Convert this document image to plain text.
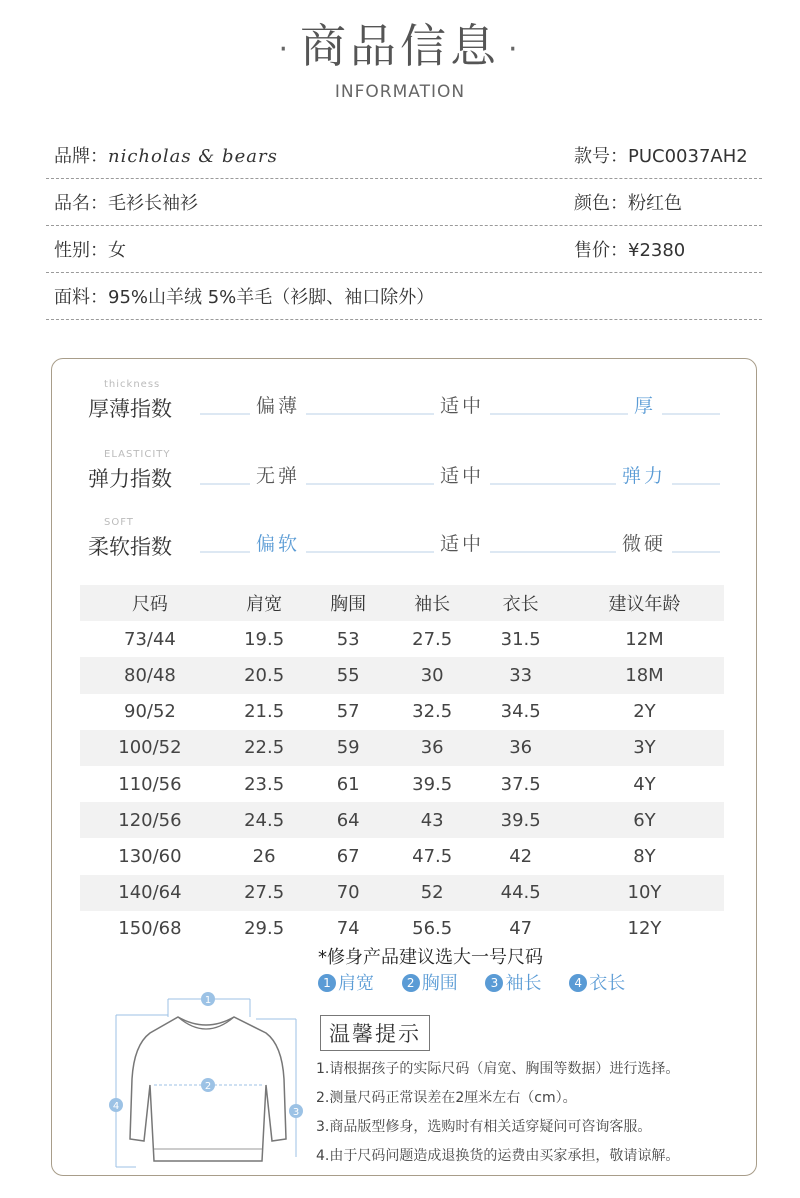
· 商品信息 ·
INFORMATION
品牌：nicholas & bears	款号：PUC0037AH2
品名：毛衫长袖衫	颜色：粉红色
性别：女	售价：¥2380
面料：95%山羊绒 5%羊毛（衫脚、袖口除外）
thickness
厚薄指数	偏薄	适中	厚
ELASTICITY
弹力指数	无弹	适中	弹力
SOFT
柔软指数	偏软	适中	微硬
尺码	肩宽	胸围	袖长	衣长	建议年龄
73/44	19.5	53	27.5	31.5	12M
80/48	20.5	55	30	33	18M
90/52	21.5	57	32.5	34.5	2Y
100/52	22.5	59	36	36	3Y
110/56	23.5	61	39.5	37.5	4Y
120/56	24.5	64	43	39.5	6Y
130/60	26	67	47.5	42	8Y
140/64	27.5	70	52	44.5	10Y
150/68	29.5	74	56.5	47	12Y
*修身产品建议选大一号尺码
1 肩宽	2 胸围	3 袖长	4 衣长
1
2
3
4
温馨提示
1.请根据孩子的实际尺码（肩宽、胸围等数据）进行选择。
2.测量尺码正常误差在2厘米左右（cm）。
3.商品版型修身，选购时有相关适穿疑问可咨询客服。
4.由于尺码问题造成退换货的运费由买家承担，敬请谅解。
